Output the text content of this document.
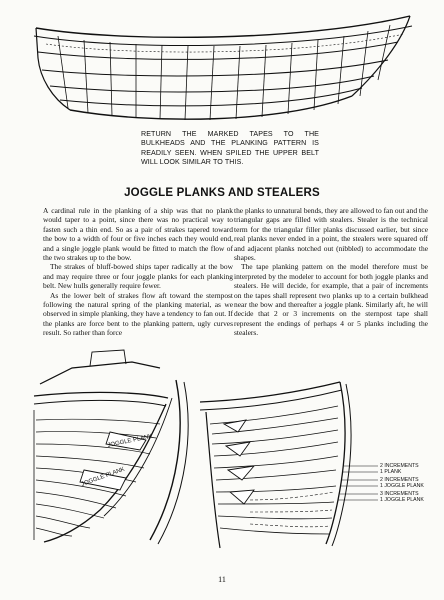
RETURN THE MARKED TAPES TO THE BULKHEADS AND THE PLANKING PATTERN IS READILY SEEN. WHEN SPILED THE UPPER BELT WILL LOOK SIMILAR TO THIS.
JOGGLE PLANKS AND STEALERS

A cardinal rule in the planking of a ship was that no plank would taper to a point, since there was no practical way to fasten such a thin end. So as a pair of strakes tapered toward the bow to a width of four or five inches each they would end, and a single joggle plank would be fitted to match the flow of the two strakes up to the bow.

The strakes of bluff-bowed ships taper radically at the bow and may require three or four joggle planks for each planking belt. New hulls generally require fewer.

As the lower belt of strakes flow aft toward the sternpost following the natural spring of the planking material, as we observed in simple planking, they have a tendency to fan out. If the planks are force bent to the planking pattern, ugly curves result. So rather than force

the planks to unnatural bends, they are allowed to fan out and the triangular gaps are filled with stealers. Stealer is the technical term for the triangular filler planks discussed earlier, but since real planks never ended in a point, the stealers were squared off and adjacent planks notched out (nibbled) to accommodate the shapes.

The tape planking pattern on the model therefore must be interpreted by the modeler to account for both joggle planks and stealers. He will decide, for example, that a pair of increments on the tapes shall represent two planks up to a certain bulkhead near the bow and thereafter a joggle plank. Similarly aft, he will decide that 2 or 3 increments on the sternpost tape shall represent the endings of perhaps 4 or 5 planks including the stealers.

JOGGLE PLANK
JOGGLE PLANK
2 INCREMENTS
1 PLANK
2 INCREMENTS
1 JOGGLE PLANK
3 INCREMENTS
1 JOGGLE PLANK
11
